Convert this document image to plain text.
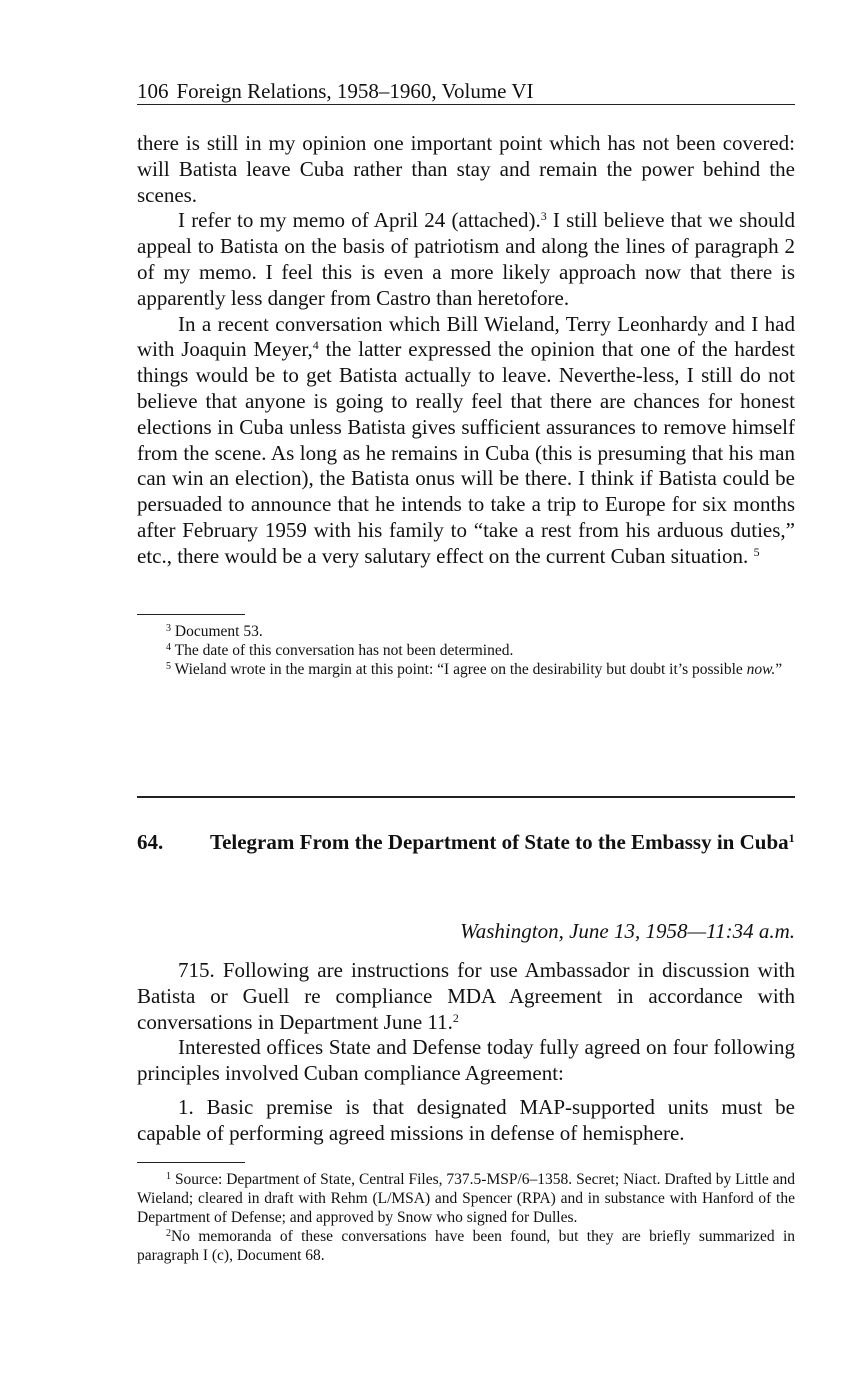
106 Foreign Relations, 1958–1960, Volume VI

there is still in my opinion one important point which has not been covered: will Batista leave Cuba rather than stay and remain the power behind the scenes.

I refer to my memo of April 24 (attached).$^3$ I still believe that we should appeal to Batista on the basis of patriotism and along the lines of paragraph 2 of my memo. I feel this is even a more likely approach now that there is apparently less danger from Castro than heretofore.

In a recent conversation which Bill Wieland, Terry Leonhardy and I had with Joaquin Meyer,$^4$ the latter expressed the opinion that one of the hardest things would be to get Batista actually to leave. Neverthe-less, I still do not believe that anyone is going to really feel that there are chances for honest elections in Cuba unless Batista gives sufficient assurances to remove himself from the scene. As long as he remains in Cuba (this is presuming that his man can win an election), the Batista onus will be there. I think if Batista could be persuaded to announce that he intends to take a trip to Europe for six months after February 1959 with his family to “take a rest from his arduous duties,” etc., there would be a very salutary effect on the current Cuban situation. $^5$

$^3$ Document 53.

$^4$ The date of this conversation has not been determined.

$^5$ Wieland wrote in the margin at this point: “I agree on the desirability but doubt it’s possible now.”

64. Telegram From the Department of State to the Embassy in Cuba$^1$
Washington, June 13, 1958—11:34 a.m.

715. Following are instructions for use Ambassador in discussion with Batista or Guell re compliance MDA Agreement in accordance with conversations in Department June 11.$^2$

Interested offices State and Defense today fully agreed on four following principles involved Cuban compliance Agreement:

1. Basic premise is that designated MAP-supported units must be capable of performing agreed missions in defense of hemisphere.

$^1$ Source: Department of State, Central Files, 737.5-MSP/6–1358. Secret; Niact. Drafted by Little and Wieland; cleared in draft with Rehm (L/MSA) and Spencer (RPA) and in substance with Hanford of the Department of Defense; and approved by Snow who signed for Dulles.

$^2$No memoranda of these conversations have been found, but they are briefly summarized in paragraph I (c), Document 68.
